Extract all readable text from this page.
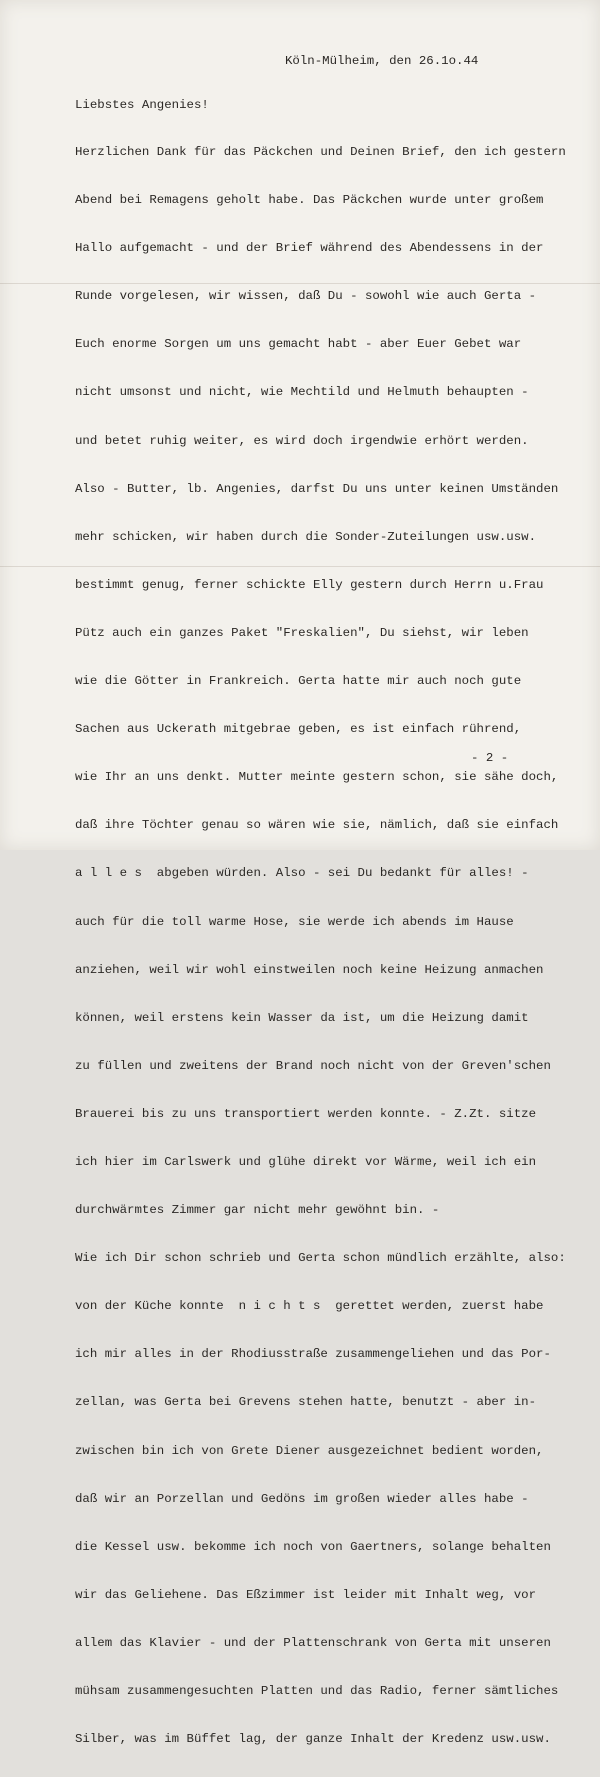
Köln-Mülheim, den 26.1o.44
Liebstes Angenies!

Herzlichen Dank für das Päckchen und Deinen Brief, den ich gestern

Abend bei Remagens geholt habe. Das Päckchen wurde unter großem

Hallo aufgemacht - und der Brief während des Abendessens in der

Runde vorgelesen, wir wissen, daß Du - sowohl wie auch Gerta -

Euch enorme Sorgen um uns gemacht habt - aber Euer Gebet war

nicht umsonst und nicht, wie Mechtild und Helmuth behaupten -

und betet ruhig weiter, es wird doch irgendwie erhört werden.

Also - Butter, lb. Angenies, darfst Du uns unter keinen Umständen

mehr schicken, wir haben durch die Sonder-Zuteilungen usw.usw.

bestimmt genug, ferner schickte Elly gestern durch Herrn u.Frau

Pütz auch ein ganzes Paket "Freskalien", Du siehst, wir leben

wie die Götter in Frankreich. Gerta hatte mir auch noch gute

Sachen aus Uckerath mitgebrae geben, es ist einfach rührend,

wie Ihr an uns denkt. Mutter meinte gestern schon, sie sähe doch,

daß ihre Töchter genau so wären wie sie, nämlich, daß sie einfach

a l l e s  abgeben würden. Also - sei Du bedankt für alles! -

auch für die toll warme Hose, sie werde ich abends im Hause

anziehen, weil wir wohl einstweilen noch keine Heizung anmachen

können, weil erstens kein Wasser da ist, um die Heizung damit

zu füllen und zweitens der Brand noch nicht von der Greven'schen

Brauerei bis zu uns transportiert werden konnte. - Z.Zt. sitze

ich hier im Carlswerk und glühe direkt vor Wärme, weil ich ein

durchwärmtes Zimmer gar nicht mehr gewöhnt bin. -

Wie ich Dir schon schrieb und Gerta schon mündlich erzählte, also:

von der Küche konnte  n i c h t s  gerettet werden, zuerst habe

ich mir alles in der Rhodiusstraße zusammengeliehen und das Por-

zellan, was Gerta bei Grevens stehen hatte, benutzt - aber in-

zwischen bin ich von Grete Diener ausgezeichnet bedient worden,

daß wir an Porzellan und Gedöns im großen wieder alles habe -

die Kessel usw. bekomme ich noch von Gaertners, solange behalten

wir das Geliehene. Das Eßzimmer ist leider mit Inhalt weg, vor

allem das Klavier - und der Plattenschrank von Gerta mit unseren

mühsam zusammengesuchten Platten und das Radio, ferner sämtliches

Silber, was im Büffet lag, der ganze Inhalt der Kredenz usw.usw.

- 2 -
